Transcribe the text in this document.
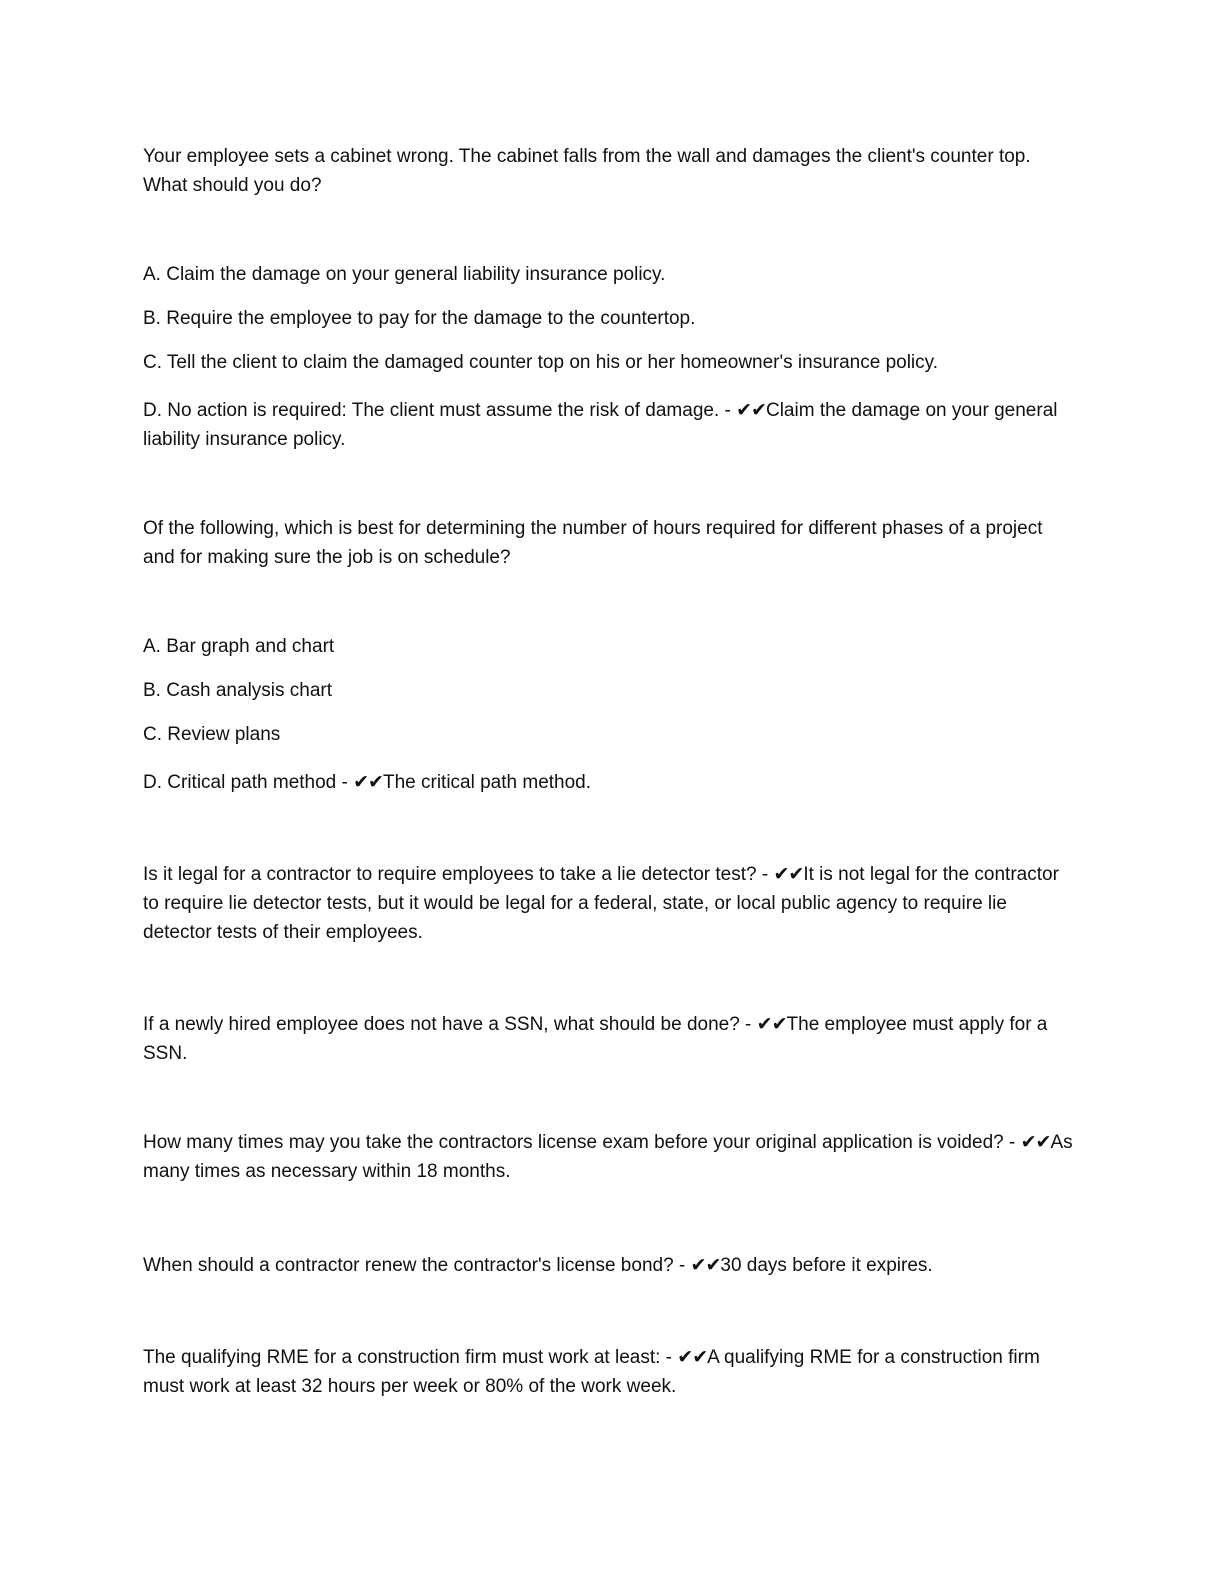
Your employee sets a cabinet wrong. The cabinet falls from the wall and damages the client's counter top. What should you do?

A. Claim the damage on your general liability insurance policy.

B. Require the employee to pay for the damage to the countertop.

C. Tell the client to claim the damaged counter top on his or her homeowner's insurance policy.

D. No action is required: The client must assume the risk of damage. - ✔✔Claim the damage on your general liability insurance policy.

Of the following, which is best for determining the number of hours required for different phases of a project and for making sure the job is on schedule?

A. Bar graph and chart

B. Cash analysis chart

C. Review plans

D. Critical path method - ✔✔The critical path method.

Is it legal for a contractor to require employees to take a lie detector test? - ✔✔It is not legal for the contractor to require lie detector tests, but it would be legal for a federal, state, or local public agency to require lie detector tests of their employees.

If a newly hired employee does not have a SSN, what should be done? - ✔✔The employee must apply for a SSN.

How many times may you take the contractors license exam before your original application is voided? - ✔✔As many times as necessary within 18 months.

When should a contractor renew the contractor's license bond? - ✔✔30 days before it expires.

The qualifying RME for a construction firm must work at least: - ✔✔A qualifying RME for a construction firm must work at least 32 hours per week or 80% of the work week.
